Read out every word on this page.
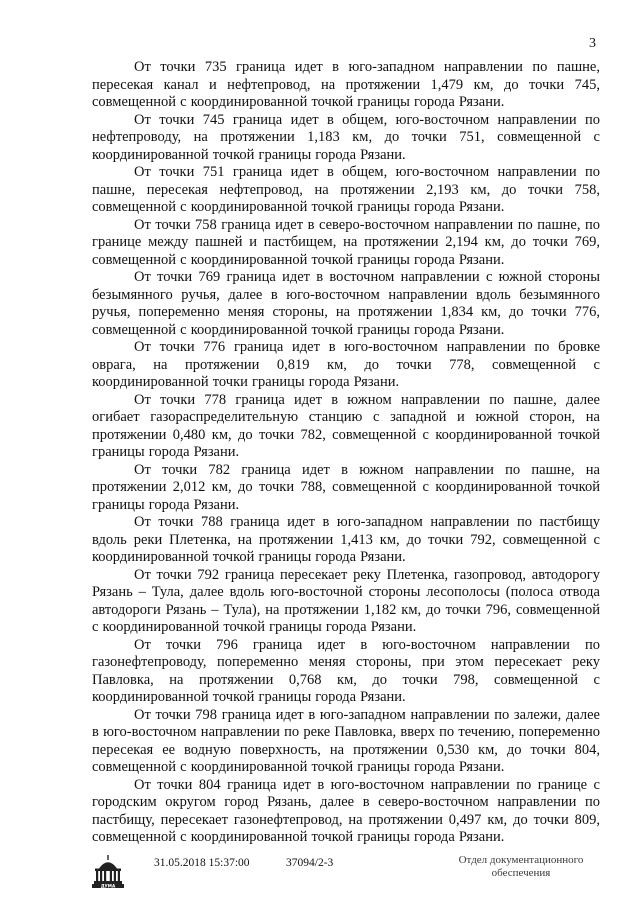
3

От точки 735 граница идет в юго-западном направлении по пашне, пересекая канал и нефтепровод, на протяжении 1,479 км, до точки 745, совмещенной с координированной точкой границы города Рязани.

От точки 745 граница идет в общем, юго-восточном направлении по нефтепроводу, на протяжении 1,183 км, до точки 751, совмещенной с координированной точкой границы города Рязани.

От точки 751 граница идет в общем, юго-восточном направлении по пашне, пересекая нефтепровод, на протяжении 2,193 км, до точки 758, совмещенной с координированной точкой границы города Рязани.

От точки 758 граница идет в северо-восточном направлении по пашне, по границе между пашней и пастбищем, на протяжении 2,194 км, до точки 769, совмещенной с координированной точкой границы города Рязани.

От точки 769 граница идет в восточном направлении с южной стороны безымянного ручья, далее в юго-восточном направлении вдоль безымянного ручья, попеременно меняя стороны, на протяжении 1,834 км, до точки 776, совмещенной с координированной точкой границы города Рязани.

От точки 776 граница идет в юго-восточном направлении по бровке оврага, на протяжении 0,819 км, до точки 778, совмещенной с координированной точки границы города Рязани.

От точки 778 граница идет в южном направлении по пашне, далее огибает газораспределительную станцию с западной и южной сторон, на протяжении 0,480 км, до точки 782, совмещенной с координированной точкой границы города Рязани.

От точки 782 граница идет в южном направлении по пашне, на протяжении 2,012 км, до точки 788, совмещенной с координированной точкой границы города Рязани.

От точки 788 граница идет в юго-западном направлении по пастбищу вдоль реки Плетенка, на протяжении 1,413 км, до точки 792, совмещенной с координированной точкой границы города Рязани.

От точки 792 граница пересекает реку Плетенка, газопровод, автодорогу Рязань – Тула, далее вдоль юго-восточной стороны лесополосы (полоса отвода автодороги Рязань – Тула), на протяжении 1,182 км, до точки 796, совмещенной с координированной точкой границы города Рязани.

От точки 796 граница идет в юго-восточном направлении по газонефтепроводу, попеременно меняя стороны, при этом пересекает реку Павловка, на протяжении 0,768 км, до точки 798, совмещенной с координированной точкой границы города Рязани.

От точки 798 граница идет в юго-западном направлении по залежи, далее в юго-восточном направлении по реке Павловка, вверх по течению, попеременно пересекая ее водную поверхность, на протяжении 0,530 км, до точки 804, совмещенной с координированной точкой границы города Рязани.

От точки 804 граница идет в юго-восточном направлении по границе с городским округом город Рязань, далее в северо-восточном направлении по пастбищу, пересекает газонефтепровод, на протяжении 0,497 км, до точки 809, совмещенной с координированной точкой границы города Рязани.

ДУМА
31.05.2018 15:37:00	37094/2-3	Отдел документационного
обеспечения
